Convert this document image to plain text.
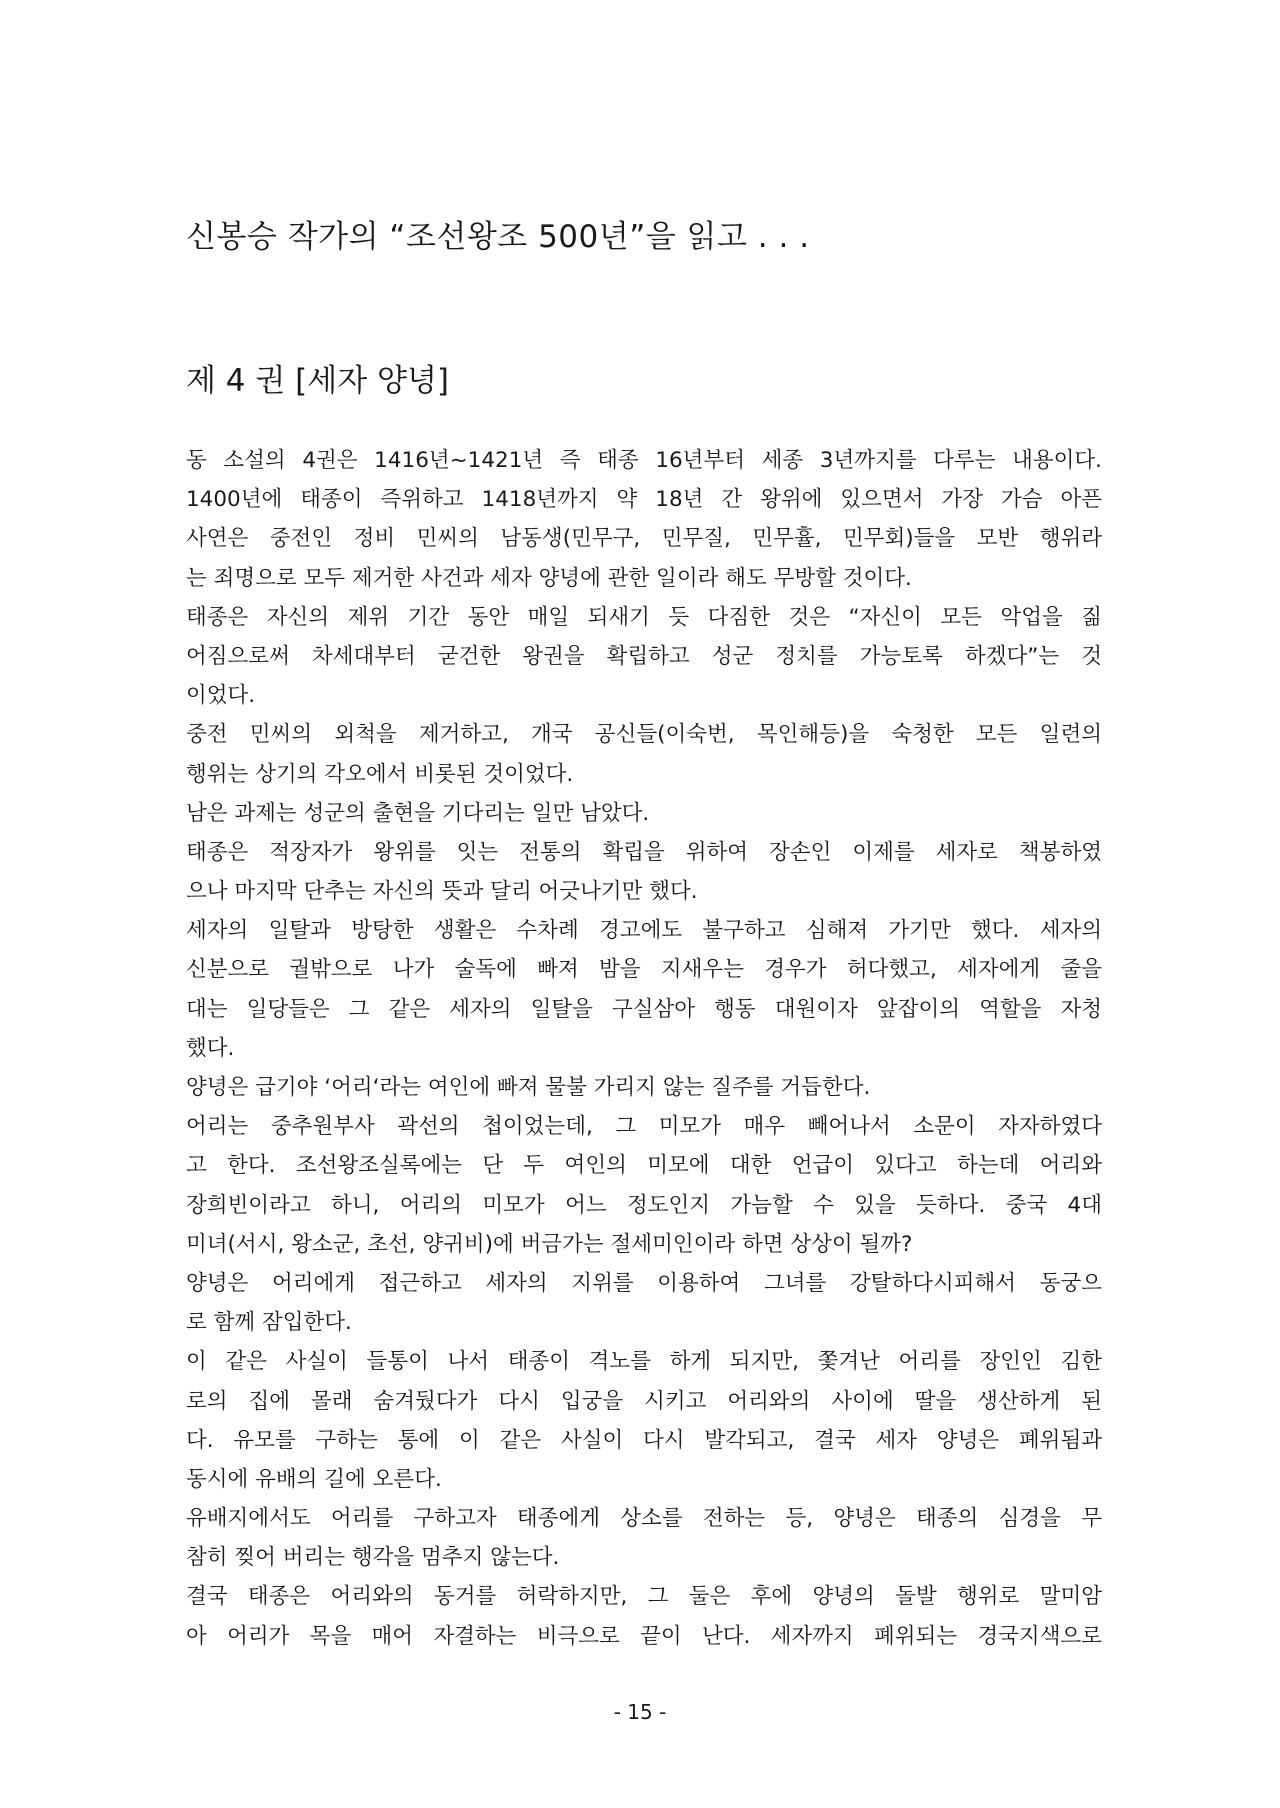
신봉승 작가의 “조선왕조 500년”을 읽고 . . .
제 4 권 [세자 양녕]
동 소설의 4권은 1416년~1421년 즉 태종 16년부터 세종 3년까지를 다루는 내용이다.
1400년에 태종이 즉위하고 1418년까지 약 18년 간 왕위에 있으면서 가장 가슴 아픈
사연은 중전인 정비 민씨의 남동생(민무구, 민무질, 민무휼, 민무회)들을 모반 행위라
는 죄명으로 모두 제거한 사건과 세자 양녕에 관한 일이라 해도 무방할 것이다.
태종은 자신의 제위 기간 동안 매일 되새기 듯 다짐한 것은 “자신이 모든 악업을 짊
어짐으로써 차세대부터 굳건한 왕권을 확립하고 성군 정치를 가능토록 하겠다”는 것
이었다.
중전 민씨의 외척을 제거하고, 개국 공신들(이숙번, 목인해등)을 숙청한 모든 일련의
행위는 상기의 각오에서 비롯된 것이었다.
남은 과제는 성군의 출현을 기다리는 일만 남았다.
태종은 적장자가 왕위를 잇는 전통의 확립을 위하여 장손인 이제를 세자로 책봉하였
으나 마지막 단추는 자신의 뜻과 달리 어긋나기만 했다.
세자의 일탈과 방탕한 생활은 수차례 경고에도 불구하고 심해져 가기만 했다. 세자의
신분으로 궐밖으로 나가 술독에 빠져 밤을 지새우는 경우가 허다했고, 세자에게 줄을
대는 일당들은 그 같은 세자의 일탈을 구실삼아 행동 대원이자 앞잡이의 역할을 자청
했다.
양녕은 급기야 ‘어리‘라는 여인에 빠져 물불 가리지 않는 질주를 거듭한다.
어리는 중추원부사 곽선의 첩이었는데, 그 미모가 매우 빼어나서 소문이 자자하였다
고 한다. 조선왕조실록에는 단 두 여인의 미모에 대한 언급이 있다고 하는데 어리와
장희빈이라고 하니, 어리의 미모가 어느 정도인지 가늠할 수 있을 듯하다. 중국 4대
미녀(서시, 왕소군, 초선, 양귀비)에 버금가는 절세미인이라 하면 상상이 될까?
양녕은 어리에게 접근하고 세자의 지위를 이용하여 그녀를 강탈하다시피해서 동궁으
로 함께 잠입한다.
이 같은 사실이 들통이 나서 태종이 격노를 하게 되지만, 쫓겨난 어리를 장인인 김한
로의 집에 몰래 숨겨뒀다가 다시 입궁을 시키고 어리와의 사이에 딸을 생산하게 된
다. 유모를 구하는 통에 이 같은 사실이 다시 발각되고, 결국 세자 양녕은 폐위됨과
동시에 유배의 길에 오른다.
유배지에서도 어리를 구하고자 태종에게 상소를 전하는 등, 양녕은 태종의 심경을 무
참히 찢어 버리는 행각을 멈추지 않는다.
결국 태종은 어리와의 동거를 허락하지만, 그 둘은 후에 양녕의 돌발 행위로 말미암
아 어리가 목을 매어 자결하는 비극으로 끝이 난다. 세자까지 폐위되는 경국지색으로
- 15 -
